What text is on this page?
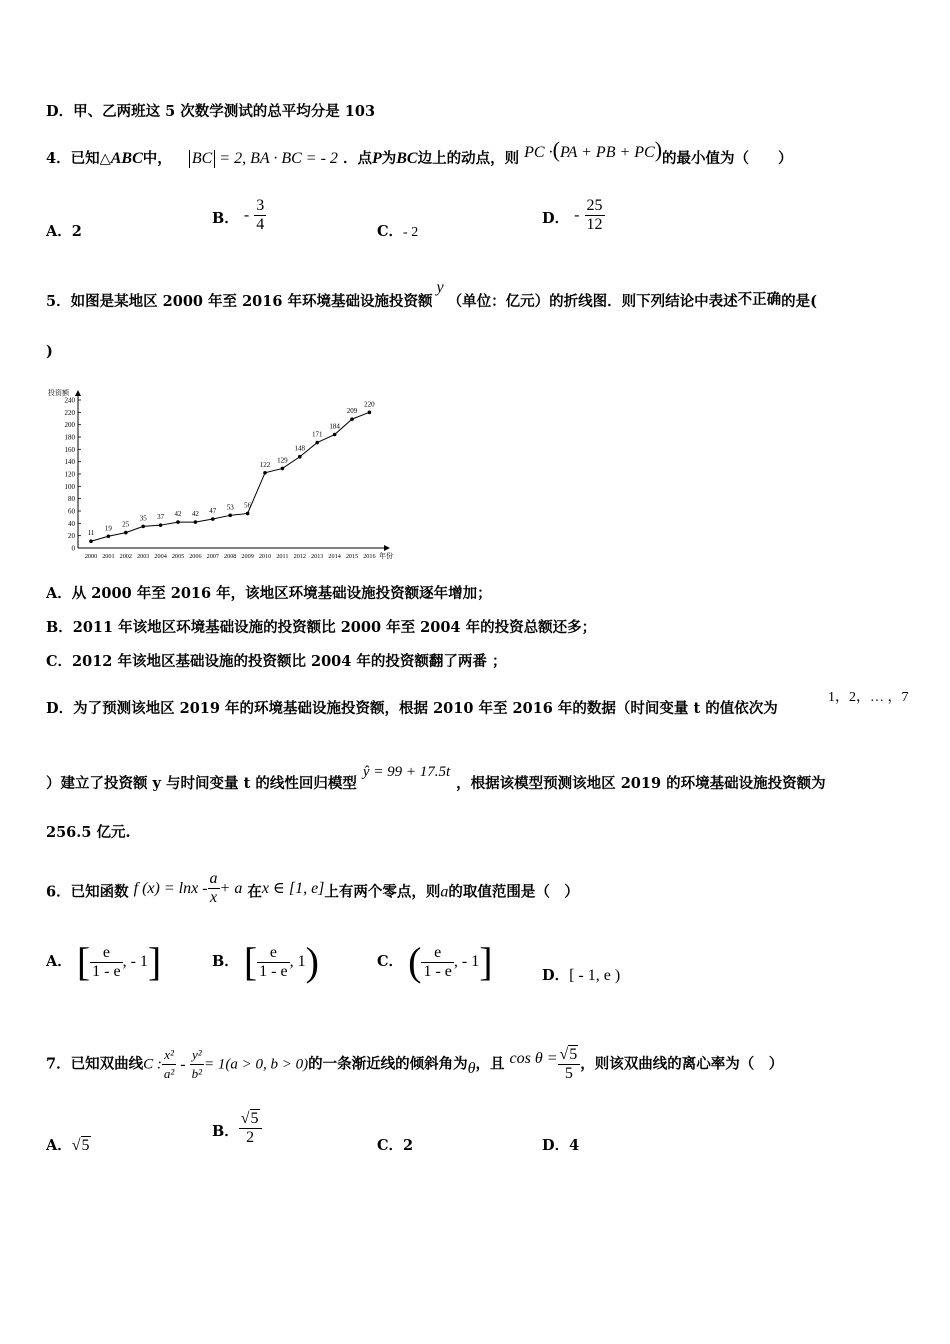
D．甲、乙两班这 5 次数学测试的总平均分是 103
4．已知△ABC中， BC = 2, BA · BC = - 2 ．点P为BC边上的动点，则 PC ·(PA + PB + PC)的最小值为（　　）
A．2
B． - $\frac{3}{4}$	C．- 2
D． - $\frac{25}{12}$
5．如图是某地区 2000 年至 2016 年环境基础设施投资额y（单位：亿元）的折线图．则下列结论中表述不正确的是(
)
投资额
年份
0
20
40
60
80
100
120
140
160
180
200
220
240
2000 2001 2002 2003 2004 2005 2006 2007 2008 2009 2010 2011 2012 2013 2014 2015 2016
11
19 25
35 37 42 42 47 53 56
122
129
148
171
184
209
220
A．从 2000 年至 2016 年，该地区环境基础设施投资额逐年增加；
B．2011 年该地区环境基础设施的投资额比 2000 年至 2004 年的投资总额还多；
C．2012 年该地区基础设施的投资额比 2004 年的投资额翻了两番 ；
D．为了预测该地区 2019 年的环境基础设施投资额，根据 2010 年至 2016 年的数据（时间变量 t 的值依次为
1，2，… ，7
）建立了投资额 y 与时间变量 t 的线性回归模型ŷ = 99 + 17.5t，根据该模型预测该地区 2019 的环境基础设施投资额为
256.5 亿元.
6．已知函数 f $(x) = \ln x - \frac{a}{x} + a$ 在x ∈ [1, e]上有两个零点，则a的取值范围是（　）
A． [ $\frac{e}{1 - e}$ , - 1]	B． [ $\frac{e}{1 - e}$ , 1)	C． ( $\frac{e}{1 - e}$ , - 1]	D．[ - 1, e )
7．已知双曲线C : $\frac{\text{x²}}{\text{a²}} - \frac{\text{y²}}{\text{b²}} = 1(a > 0$, b > 0)的一条渐近线的倾斜角为θ，且 $\cos \theta = \frac{√5}{5}$ ，则该双曲线的离心率为（　）
A．√5
B． $\frac{√5}{2}$	C．2	D．4
